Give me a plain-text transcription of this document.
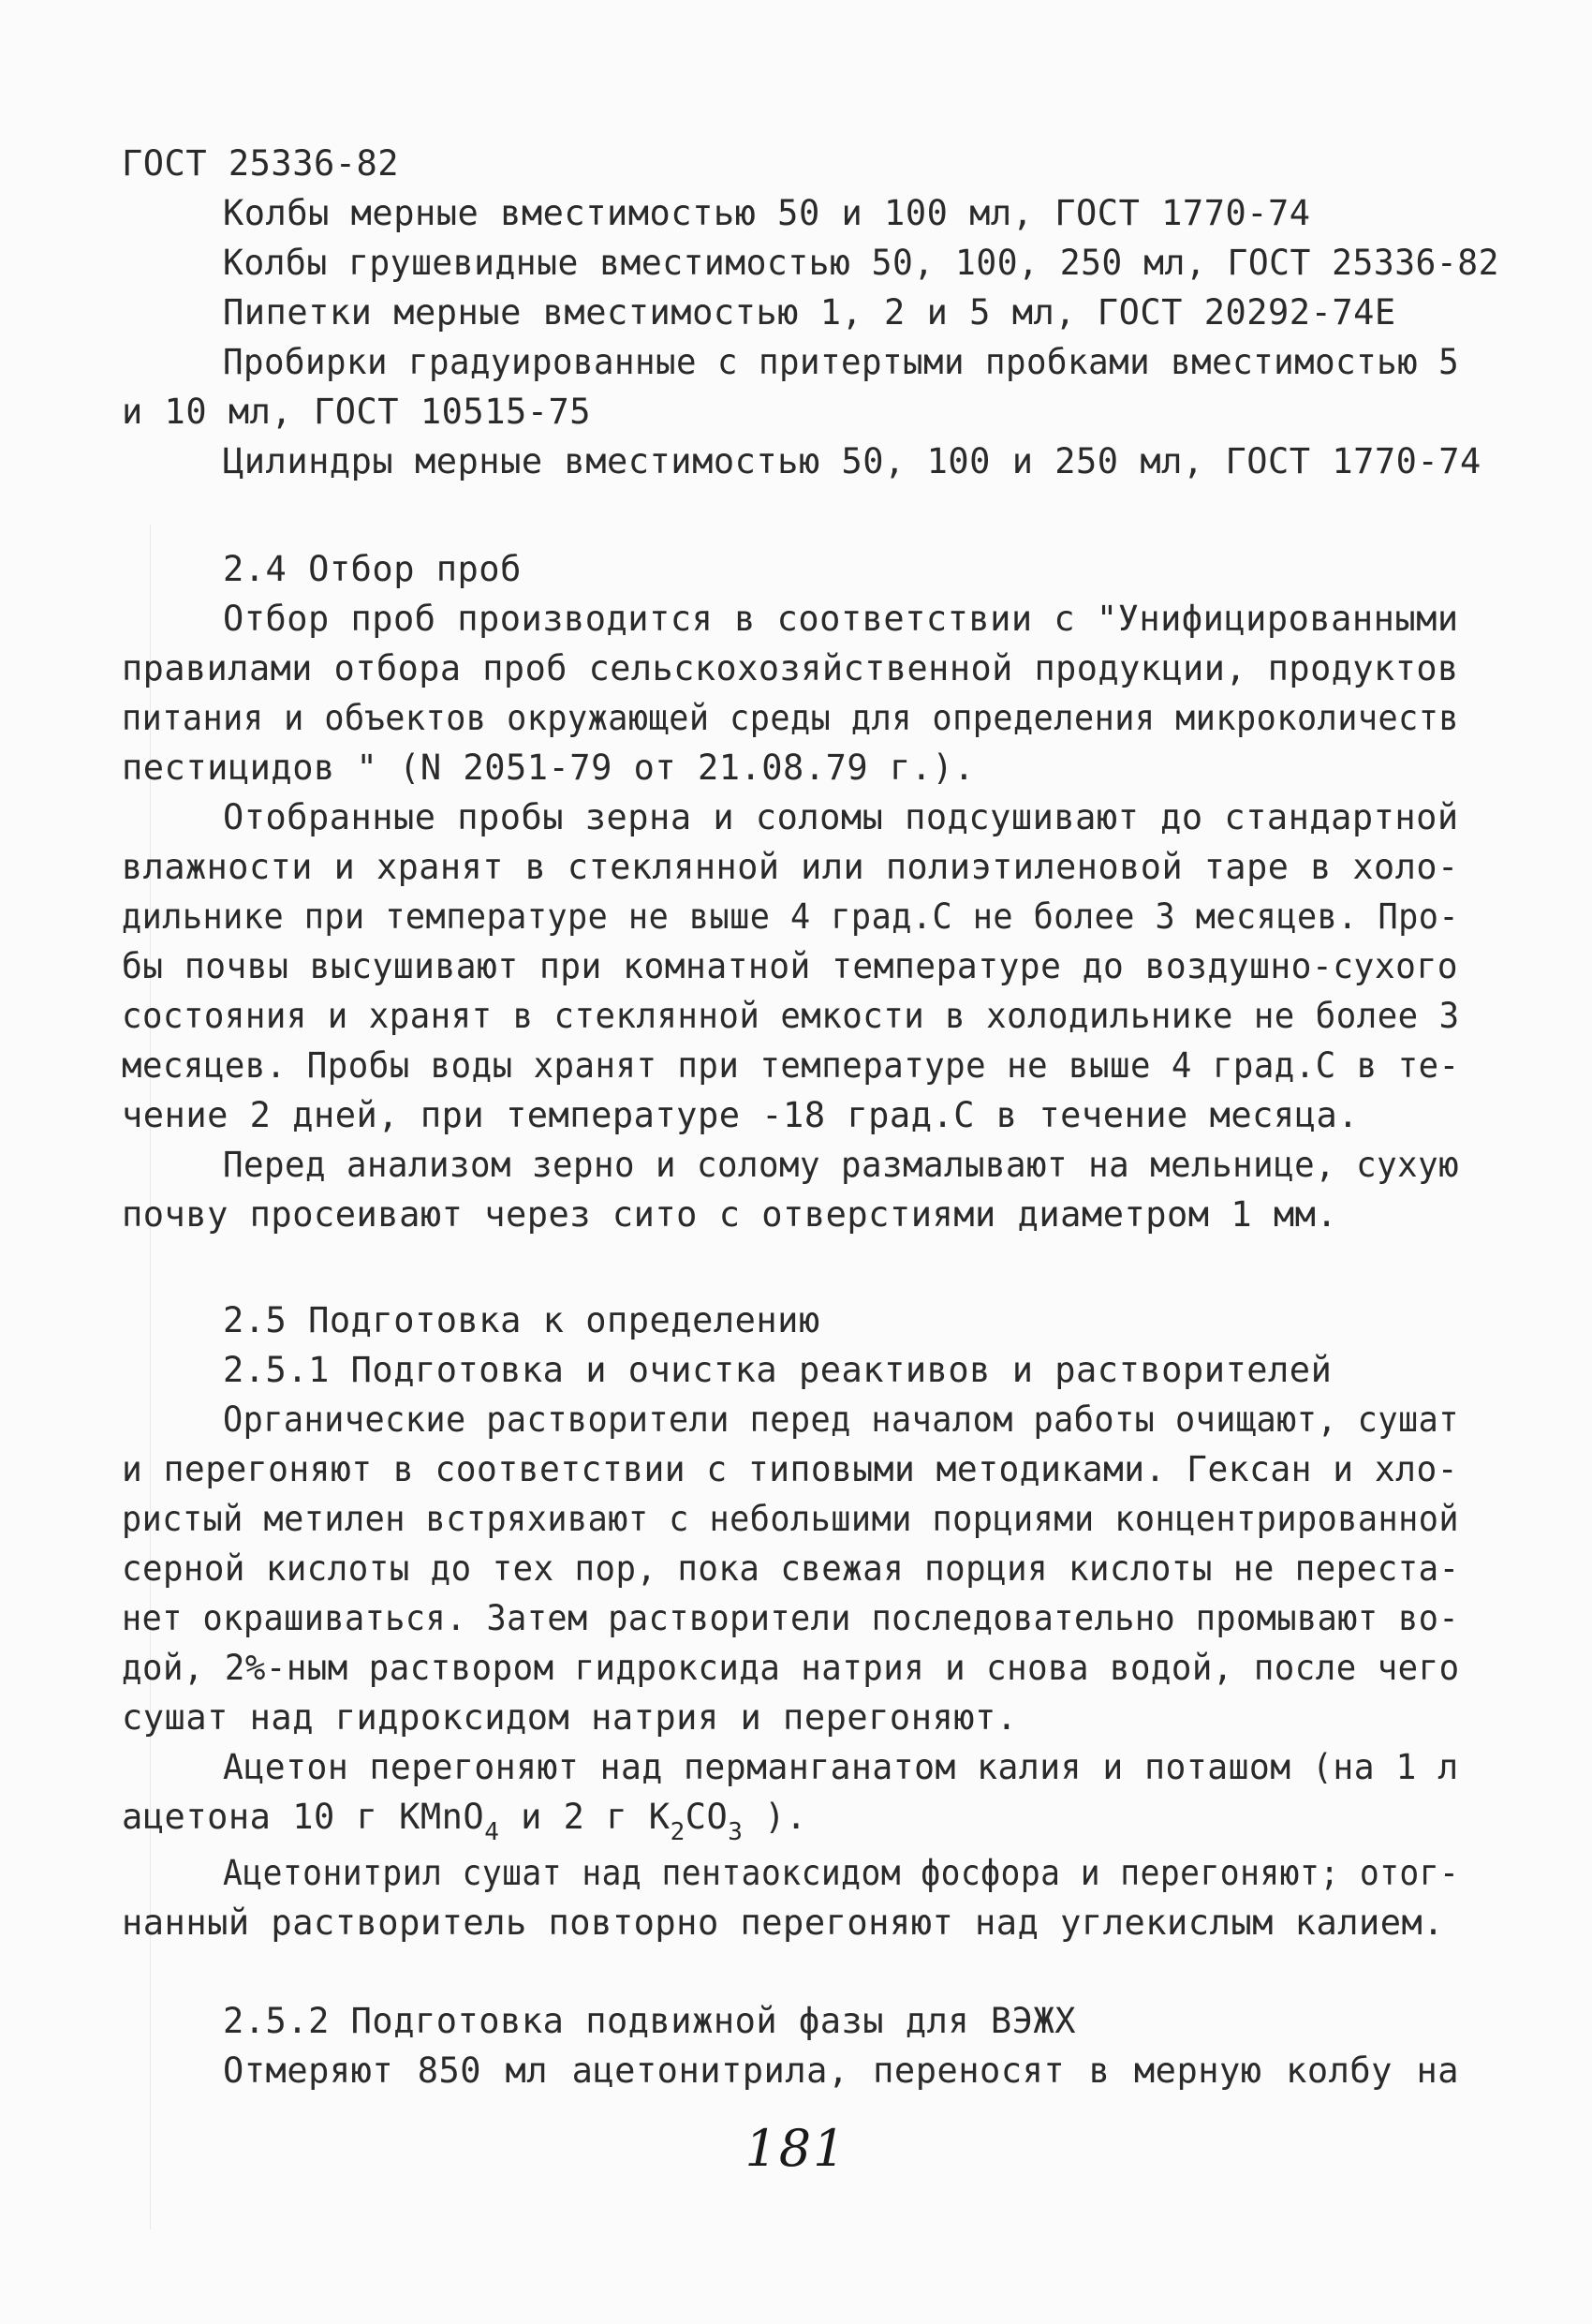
ГОСТ 25336-82
Колбы мерные вместимостью 50 и 100 мл, ГОСТ 1770-74
Колбы грушевидные вместимостью 50, 100, 250 мл, ГОСТ 25336-82
Пипетки мерные вместимостью 1, 2 и 5 мл, ГОСТ 20292-74Е
Пробирки градуированные с притертыми пробками вместимостью 5
и 10 мл, ГОСТ 10515-75
Цилиндры мерные вместимостью 50, 100 и 250 мл, ГОСТ 1770-74
2.4 Отбор проб
Отбор проб производится в соответствии с "Унифицированными
правилами отбора проб сельскохозяйственной продукции, продуктов
питания и объектов окружающей среды для определения микроколичеств
пестицидов " (N 2051-79 от 21.08.79 г.).
Отобранные пробы зерна и соломы подсушивают до стандартной
влажности и хранят в стеклянной или полиэтиленовой таре в холо-
дильнике при температуре не выше 4 град.С не более 3 месяцев. Про-
бы почвы высушивают при комнатной температуре до воздушно-сухого
состояния и хранят в стеклянной емкости в холодильнике не более 3
месяцев. Пробы воды хранят при температуре не выше 4 град.С в те-
чение 2 дней, при температуре -18 град.С в течение месяца.
Перед анализом зерно и солому размалывают на мельнице, сухую
почву просеивают через сито с отверстиями диаметром 1 мм.
2.5 Подготовка к определению
2.5.1 Подготовка и очистка реактивов и растворителей
Органические растворители перед началом работы очищают, сушат
и перегоняют в соответствии с типовыми методиками. Гексан и хло-
ристый метилен встряхивают с небольшими порциями концентрированной
серной кислоты до тех пор, пока свежая порция кислоты не переста-
нет окрашиваться. Затем растворители последовательно промывают во-
дой, 2%-ным раствором гидроксида натрия и снова водой, после чего
сушат над гидроксидом натрия и перегоняют.
Ацетон перегоняют над перманганатом калия и поташом (на 1 л

ацетона 10 г KMnO$_4$ и 2 г $K_2CO_3$ ).

Ацетонитрил сушат над пентаоксидом фосфора и перегоняют; отог-
нанный растворитель повторно перегоняют над углекислым калием.
2.5.2 Подготовка подвижной фазы для ВЭЖХ
Отмеряют 850 мл ацетонитрила, переносят в мерную колбу на
181
